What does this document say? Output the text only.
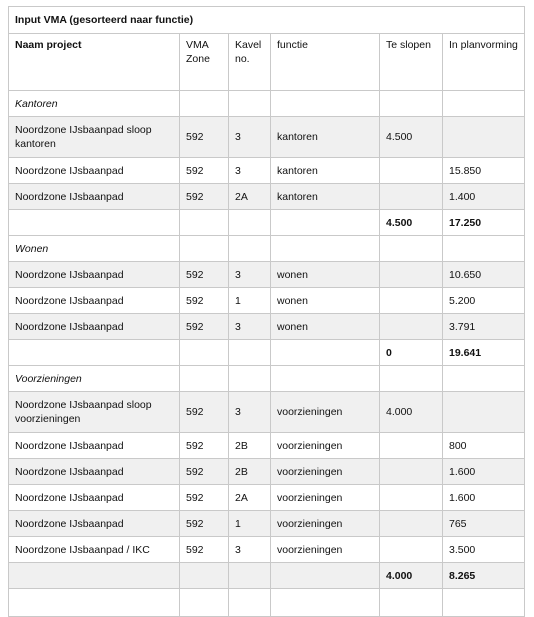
Input VMA (gesorteerd naar functie)					
Naam project	VMA Zone	Kavel no.	functie	Te slopen	In planvorming
Kantoren					
Noordzone IJsbaanpad sloop kantoren	592	3	kantoren	4.500	
Noordzone IJsbaanpad	592	3	kantoren		15.850
Noordzone IJsbaanpad	592	2A	kantoren		1.400
				4.500	17.250
Wonen					
Noordzone IJsbaanpad	592	3	wonen		10.650
Noordzone IJsbaanpad	592	1	wonen		5.200
Noordzone IJsbaanpad	592	3	wonen		3.791
				0	19.641
Voorzieningen					
Noordzone IJsbaanpad sloop voorzieningen	592	3	voorzieningen	4.000	
Noordzone IJsbaanpad	592	2B	voorzieningen		800
Noordzone IJsbaanpad	592	2B	voorzieningen		1.600
Noordzone IJsbaanpad	592	2A	voorzieningen		1.600
Noordzone IJsbaanpad	592	1	voorzieningen		765
Noordzone IJsbaanpad / IKC	592	3	voorzieningen		3.500
				4.000	8.265
